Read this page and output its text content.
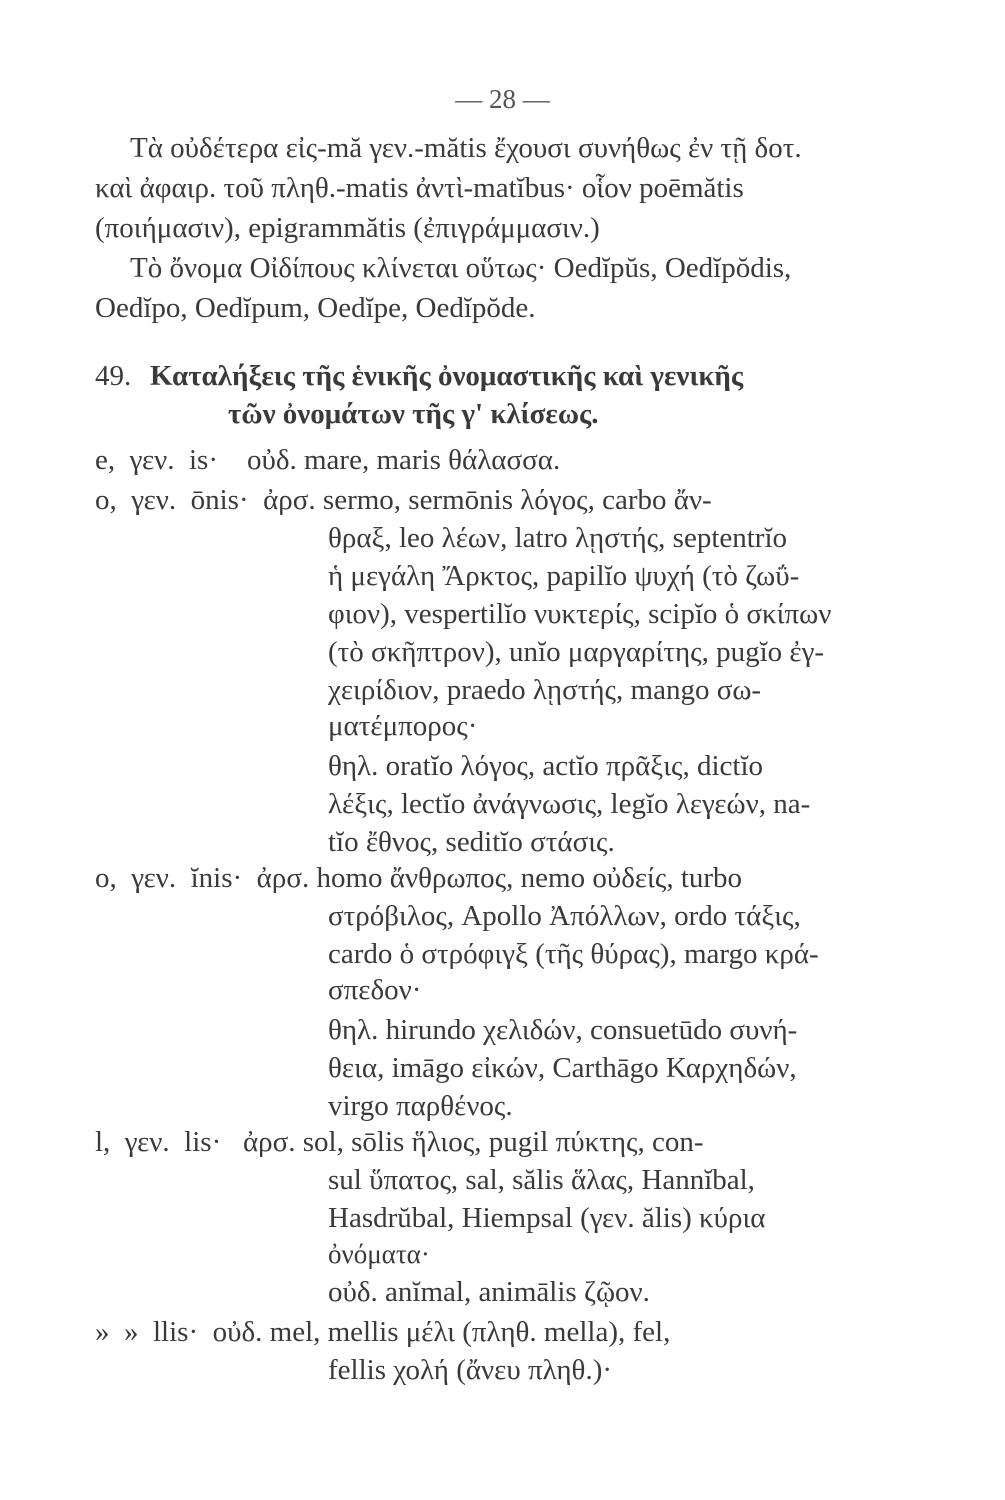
— 28 —
Τὰ οὐδέτερα εἰς-mă γεν.-mătis ἔχουσι συνήθως ἐν τῇ δοτ.
καὶ ἀφαιρ. τοῦ πληθ.-matis ἀντὶ-matĭbus· οἷον poēmătis
(ποιήμασιν), epigrammătis (ἐπιγράμμασιν.)
Τὸ ὄνομα Οἰδίπους κλίνεται οὕτως· Oedĭpŭs, Oedĭpŏdis,
Oedĭpo, Oedĭpum, Oedĭpe, Oedĭpŏde.
49. Καταλήξεις τῆς ἑνικῆς ὀνομαστικῆς καὶ γενικῆς
τῶν ὀνομάτων τῆς γ' κλίσεως.
e,  γεν.  is·    οὐδ. mare, maris θάλασσα.
o,  γεν.  ōnis·  ἀρσ. sermo, sermōnis λόγος, carbo ἄν-
θραξ, leo λέων, latro λῃστής, septentrĭo
ἡ μεγάλη Ἄρκτος, papilĭo ψυχή (τὸ ζωΰ-
φιον), vespertilĭo νυκτερίς, scipĭo ὁ σκίπων
(τὸ σκῆπτρον), unĭo μαργαρίτης, pugĭo ἐγ-
χειρίδιον, praedo λῃστής, mango σω-
ματέμπορος·
θηλ. oratĭo λόγος, actĭo πρᾶξις, dictĭo
λέξις, lectĭo ἀνάγνωσις, legĭo λεγεών, na-
tĭo ἔθνος, seditĭo στάσις.
o,  γεν.  ĭnis·  ἀρσ. homo ἄνθρωπος, nemo οὐδείς, turbo
στρόβιλος, Apollo Ἀπόλλων, ordo τάξις,
cardo ὁ στρόφιγξ (τῆς θύρας), margo κρά-
σπεδον·
θηλ. hirundo χελιδών, consuetūdo συνή-
θεια, imāgo εἰκών, Carthāgo Καρχηδών,
virgo παρθένος.
l,  γεν.  lis·   ἀρσ. sol, sōlis ἥλιος, pugil πύκτης, con-
sul ὕπατος, sal, sălis ἅλας, Hannĭbal,
Hasdrŭbal, Hiempsal (γεν. ălis) κύρια
ὀνόματα·
οὐδ. anĭmal, animālis ζῷον.
»  »  llis·  οὐδ. mel, mellis μέλι (πληθ. mella), fel,
fellis χολή (ἄνευ πληθ.)·
